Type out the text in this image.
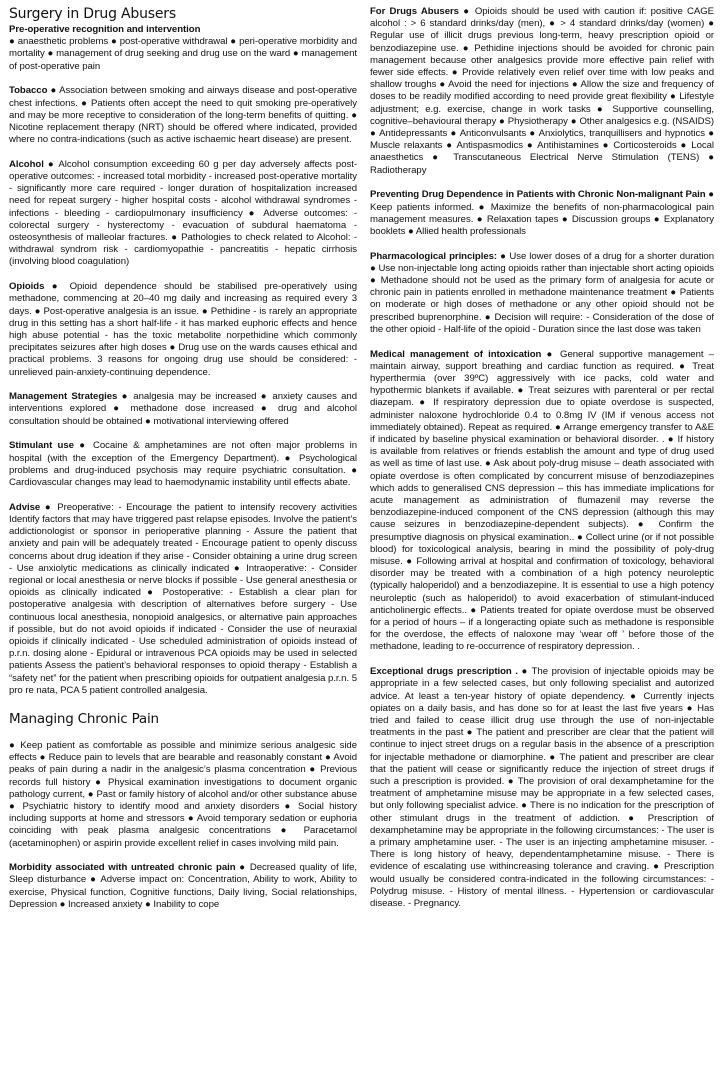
Surgery in Drug Abusers

Pre-operative recognition and intervention
● anaesthetic problems ● post-operative withdrawal ● peri-operative morbidity and mortality ● management of drug seeking and drug use on the ward ● management of post-operative pain

Tobacco ● Association between smoking and airways disease and post-operative chest infections. ● Patients often accept the need to quit smoking pre-operatively and may be more receptive to consideration of the long-term benefits of quitting. ● Nicotine replacement therapy (NRT) should be offered where indicated, provided where no contra-indications (such as active ischaemic heart disease) are present.

Alcohol ● Alcohol consumption exceeding 60 g per day adversely affects post-operative outcomes: - increased total morbidity - increased post-operative mortality - significantly more care required - longer duration of hospitalization increased need for repeat surgery - higher hospital costs - alcohol withdrawal syndromes - infections - bleeding - cardiopulmonary insufficiency ● Adverse outcomes: - colorectal surgery - hysterectomy - evacuation of subdural haematoma - osteosynthesis of malleolar fractures. ● Pathologies to check related to Alcohol: - withdrawal syndrom risk - cardiomyopathie - pancreatitis - hepatic cirrhosis (involving blood coagulation)

Opioids ● Opioid dependence should be stabilised pre-operatively using methadone, commencing at 20–40 mg daily and increasing as required every 3 days. ● Post-operative analgesia is an issue. ● Pethidine - is rarely an appropriate drug in this setting has a short half-life - it has marked euphoric effects and hence high abuse potential - has the toxic metabolite norpethidine which commonly precipitates seizures after high doses ● Drug use on the wards causes ethical and practical problems. 3 reasons for ongoing drug use should be considered: -unrelieved pain-anxiety-continuing dependence.

Management Strategies ● analgesia may be increased ● anxiety causes and interventions explored ● methadone dose increased ● drug and alcohol consultation should be obtained ● motivational interviewing offered

Stimulant use ● Cocaine & amphetamines are not often major problems in hospital (with the exception of the Emergency Department). ● Psychological problems and drug-induced psychosis may require psychiatric consultation. ● Cardiovascular changes may lead to haemodynamic instability until effects abate.

Advise ● Preoperative: - Encourage the patient to intensify recovery activities Identify factors that may have triggered past relapse episodes. Involve the patient’s addictionologist or sponsor in perioperative planning - Assure the patient that anxiety and pain will be adequately treated - Encourage patient to openly discuss concerns about drug ideation if they arise - Consider obtaining a urine drug screen - Use anxiolytic medications as clinically indicated ● Intraoperative: - Consider regional or local anesthesia or nerve blocks if possible - Use general anesthesia or opioids as clinically indicated ● Postoperative: - Establish a clear plan for postoperative analgesia with description of alternatives before surgery - Use continuous local anesthesia, nonopioid analgesics, or alternative pain approaches if possible, but do not avoid opioids if indicated - Consider the use of neuraxial opioids if clinically indicated - Use scheduled administration of opioids instead of p.r.n. dosing alone - Epidural or intravenous PCA opioids may be used in selected patients Assess the patient’s behavioral responses to opioid therapy - Establish a “safety net” for the patient when prescribing opioids for outpatient analgesia p.r.n. 5 pro re nata, PCA 5 patient controlled analgesia.

Managing Chronic Pain

● Keep patient as comfortable as possible and minimize serious analgesic side effects ● Reduce pain to levels that are bearable and reasonably constant ● Avoid peaks of pain during a nadir in the analgesic’s plasma concentration ● Previous records full history ● Physical examination investigations to document organic pathology current, ● Past or family history of alcohol and/or other substance abuse ● Psychiatric history to identify mood and anxiety disorders ● Social history including supports at home and stressors ● Avoid temporary sedation or euphoria coinciding with peak plasma analgesic concentrations ● Paracetamol (acetaminophen) or aspirin provide excellent relief in cases involving mild pain.

Morbidity associated with untreated chronic pain ● Decreased quality of life, Sleep disturbance ● Adverse impact on: Concentration, Ability to work, Ability to exercise, Physical function, Cognitive functions, Daily living, Social relationships, Depression ● Increased anxiety ● Inability to cope

For Drugs Abusers ● Opioids should be used with caution if: positive CAGE alcohol : > 6 standard drinks/day (men), ● > 4 standard drinks/day (women) ● Regular use of illicit drugs previous long-term, heavy prescription opioid or benzodiazepine use. ● Pethidine injections should be avoided for chronic pain management because other analgesics provide more effective pain relief with fewer side effects. ● Provide relatively even relief over time with low peaks and shallow troughs ● Avoid the need for injections ● Allow the size and frequency of doses to be readily modified according to need provide great flexibility ● Lifestyle adjustment; e.g. exercise, change in work tasks ● Supportive counselling, cognitive–behavioural therapy ● Physiotherapy ● Other analgesics e.g. (NSAIDS) ● Antidepressants ● Anticonvulsants ● Anxiolytics, tranquillisers and hypnotics ● Muscle relaxants ● Antispasmodics ● Antihistamines ● Corticosteroids ● Local anaesthetics ● Transcutaneous Electrical Nerve Stimulation (TENS) ● Radiotherapy

Preventing Drug Dependence in Patients with Chronic Non-malignant Pain ● Keep patients informed. ● Maximize the benefits of non-pharmacological pain management measures. ● Relaxation tapes ● Discussion groups ● Explanatory booklets ● Allied health professionals

Pharmacological principles: ● Use lower doses of a drug for a shorter duration ● Use non-injectable long acting opioids rather than injectable short acting opioids ● Methadone should not be used as the primary form of analgesia for acute or chronic pain in patients enrolled in methadone maintenance treatment ● Patients on moderate or high doses of methadone or any other opioid should not be prescribed buprenorphine. ● Decision will require: - Consideration of the dose of the other opioid - Half-life of the opioid - Duration since the last dose was taken

Medical management of intoxication ● General supportive management – maintain airway, support breathing and cardiac function as required. ● Treat hyperthermia (over 39ºC) aggressively with ice packs, cold water and hypothermic blankets if available. ● Treat seizures with parenteral or per rectal diazepam. ● If respiratory depression due to opiate overdose is suspected, administer naloxone hydrochloride 0.4 to 0.8mg IV (IM if venous access not immediately obtained). Repeat as required. ● Arrange emergency transfer to A&E if indicated by baseline physical examination or behavioral disorder. . ● If history is available from relatives or friends establish the amount and type of drug used as well as time of last use. ● Ask about poly-drug misuse – death associated with opiate overdose is often complicated by concurrent misuse of benzodiazepines which adds to generalised CNS depression – this has immediate implications for acute management as administration of flumazenil may reverse the benzodiazepine-induced component of the CNS depression (although this may cause seizures in benzodiazepine-dependent subjects). ● Confirm the presumptive diagnosis on physical examination.. ● Collect urine (or if not possible blood) for toxicological analysis, bearing in mind the possibility of poly-drug misuse. ● Following arrival at hospital and confirmation of toxicology, behavioral disorder may be treated with a combination of a high potency neuroleptic (typically haloperidol) and a benzodiazepine. It is essential to use a high potency neuroleptic (such as haloperidol) to avoid exacerbation of stimulant-induced anticholinergic effects.. ● Patients treated for opiate overdose must be observed for a period of hours – if a longeracting opiate such as methadone is responsible for the overdose, the effects of naloxone may ‘wear off ’ before those of the methadone, leading to re-occurrence of respiratory depression. .

Exceptional drugs prescription . ● The provision of injectable opioids may be appropriate in a few selected cases, but only following specialist and autorized advice. At least a ten-year history of opiate dependency. ● Currently injects opiates on a daily basis, and has done so for at least the last five years ● Has tried and failed to cease illicit drug use through the use of non-injectable treatments in the past ● The patient and prescriber are clear that the patient will continue to inject street drugs on a regular basis in the absence of a prescription for injectable methadone or diamorphine. ● The patient and prescriber are clear that the patient will cease or significantly reduce the injection of street drugs if such a prescription is provided. ● The provision of oral dexamphetamine for the treatment of amphetamine misuse may be appropriate in a few selected cases, but only following specialist advice. ● There is no indication for the prescription of other stimulant drugs in the treatment of addiction. ● Prescription of dexamphetamine may be appropriate in the following circumstances: - The user is a primary amphetamine user. - The user is an injecting amphetamine misuser. - There is long history of heavy, dependentamphetamine misuse. - There is evidence of escalating use withincreasing tolerance and craving. ● Prescription would usually be considered contra-indicated in the following circumstances: - Polydrug misuse. - History of mental illness. - Hypertension or cardiovascular disease. - Pregnancy.
